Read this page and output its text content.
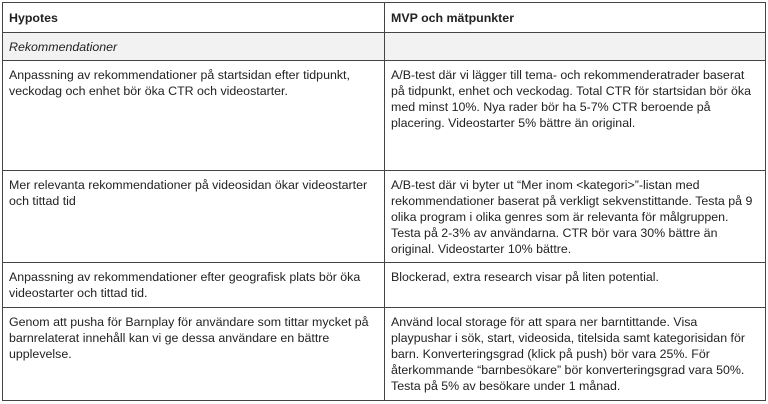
Hypotes	MVP och mätpunkter
Rekommendationer	
Anpassning av rekommendationer på startsidan efter tidpunkt, veckodag och enhet bör öka CTR och videostarter.	A/B-test där vi lägger till tema- och rekommenderatrader baserat på tidpunkt, enhet och veckodag. Total CTR för startsidan bör öka med minst 10%. Nya rader bör ha 5-7% CTR beroende på placering. Videostarter 5% bättre än original.
Mer relevanta rekommendationer på videosidan ökar videostarter och tittad tid	A/B-test där vi byter ut “Mer inom <kategori>”-listan med rekommendationer baserat på verkligt sekvenstittande. Testa på 9 olika program i olika genres som är relevanta för målgruppen. Testa på 2-3% av användarna. CTR bör vara 30% bättre än original. Videostarter 10% bättre.
Anpassning av rekommendationer efter geografisk plats bör öka videostarter och tittad tid.	Blockerad, extra research visar på liten potential.
Genom att pusha för Barnplay för användare som tittar mycket på barnrelaterat innehåll kan vi ge dessa användare en bättre upplevelse.	Använd local storage för att spara ner barntittande. Visa playpushar i sök, start, videosida, titelsida samt kategorisidan för barn. Konverteringsgrad (klick på push) bör vara 25%. För återkommande “barnbesökare” bör konverteringsgrad vara 50%. Testa på 5% av besökare under 1 månad.
